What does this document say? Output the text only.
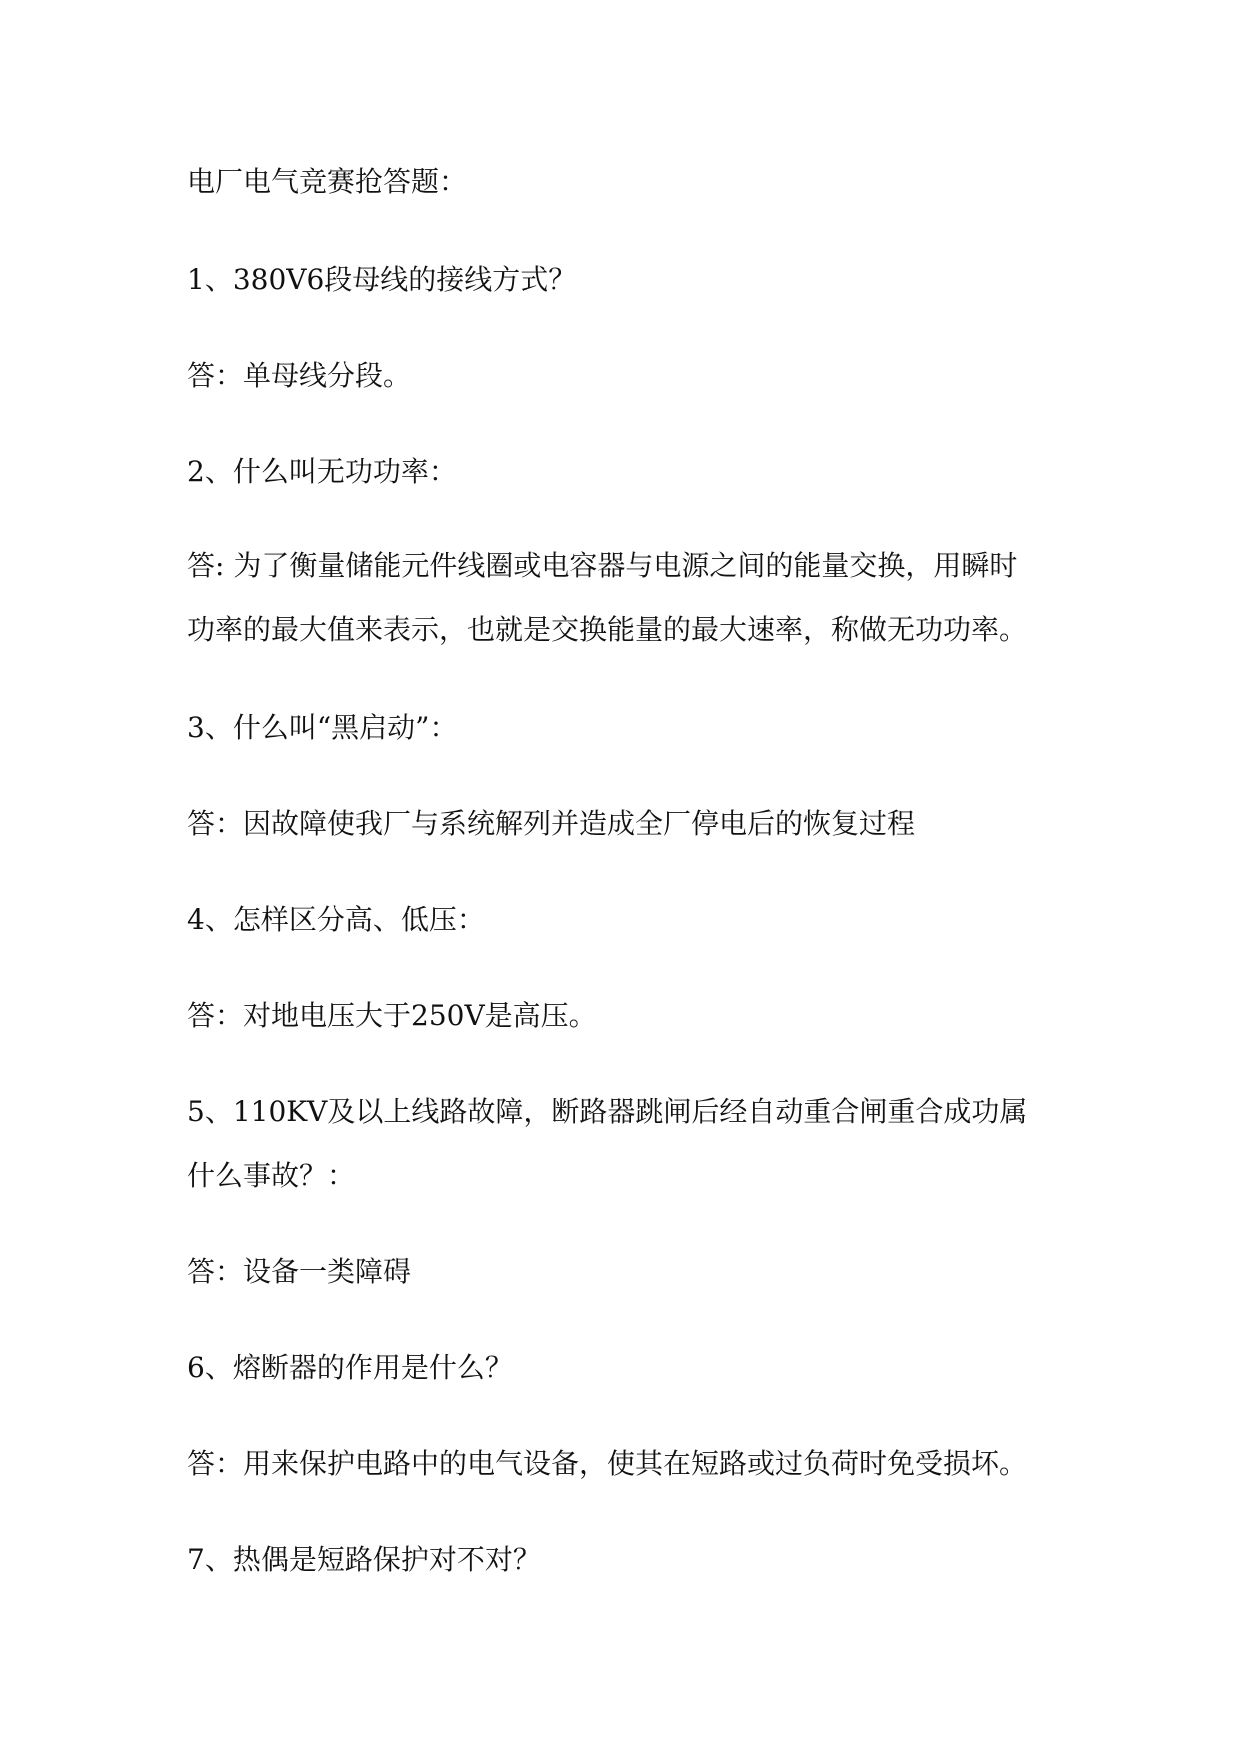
电厂电气竞赛抢答题：

1、380V6段母线的接线方式？

答：单母线分段。

2、什么叫无功功率：

答: 为了衡量储能元件线圈或电容器与电源之间的能量交换，用瞬时

功率的最大值来表示，也就是交换能量的最大速率，称做无功功率。

3、什么叫“黑启动”：

答：因故障使我厂与系统解列并造成全厂停电后的恢复过程

4、怎样区分高、低压：

答：对地电压大于250V是高压。

5、110KV及以上线路故障，断路器跳闸后经自动重合闸重合成功属

什么事故？：

答：设备一类障碍

6、熔断器的作用是什么？

答：用来保护电路中的电气设备，使其在短路或过负荷时免受损坏。

7、热偶是短路保护对不对？
